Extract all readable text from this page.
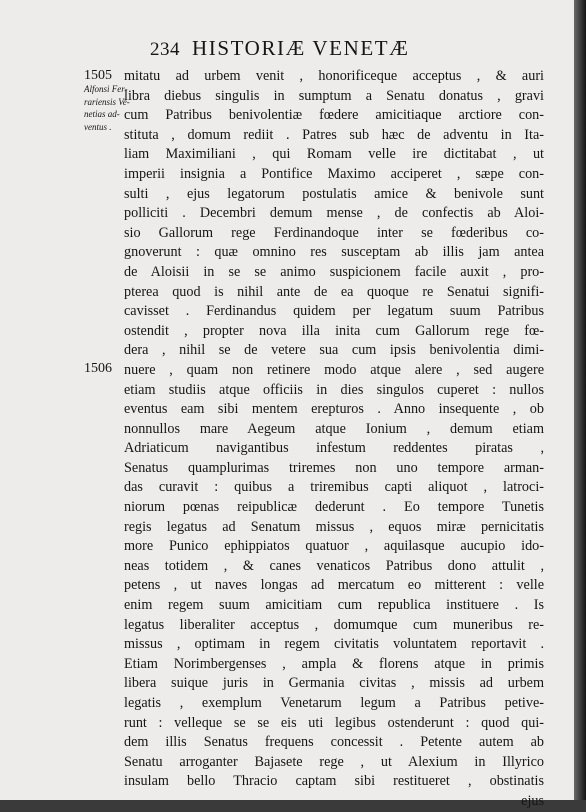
234 HISTORIÆ VENETÆ
1505
Alfonsi Fer-
rariensis Ve-
netias ad-
ventus .
1506
mitatu ad urbem venit , honorificeque acceptus , & auri
libra diebus singulis in sumptum a Senatu donatus , gravi
cum Patribus benivolentiæ fœdere amicitiaque arctiore con-
stituta , domum rediit . Patres sub hæc de adventu in Ita-
liam Maximiliani , qui Romam velle ire dictitabat , ut
imperii insignia a Pontifice Maximo acciperet , sæpe con-
sulti , ejus legatorum postulatis amice & benivole sunt
polliciti . Decembri demum mense , de confectis ab Aloi-
sio Gallorum rege Ferdinandoque inter se fœderibus co-
gnoverunt : quæ omnino res susceptam ab illis jam antea
de Aloisii in se se animo suspicionem facile auxit , pro-
pterea quod is nihil ante de ea quoque re Senatui signifi-
cavisset . Ferdinandus quidem per legatum suum Patribus
ostendit , propter nova illa inita cum Gallorum rege fœ-
dera , nihil se de vetere sua cum ipsis benivolentia dimi-
nuere , quam non retinere modo atque alere , sed augere
etiam studiis atque officiis in dies singulos cuperet : nullos
eventus eam sibi mentem erepturos . Anno insequente , ob
nonnullos mare Aegeum atque Ionium , demum etiam
Adriaticum navigantibus infestum reddentes piratas ,
Senatus quamplurimas triremes non uno tempore arman-
das curavit : quibus a triremibus capti aliquot , latroci-
niorum pœnas reipublicæ dederunt . Eo tempore Tunetis
regis legatus ad Senatum missus , equos miræ pernicitatis
more Punico ephippiatos quatuor , aquilasque aucupio ido-
neas totidem , & canes venaticos Patribus dono attulit ,
petens , ut naves longas ad mercatum eo mitterent : velle
enim regem suum amicitiam cum republica instituere . Is
legatus liberaliter acceptus , domumque cum muneribus re-
missus , optimam in regem civitatis voluntatem reportavit .
Etiam Norimbergenses , ampla & florens atque in primis
libera suique juris in Germania civitas , missis ad urbem
legatis , exemplum Venetarum legum a Patribus petive-
runt : velleque se se eis uti legibus ostenderunt : quod qui-
dem illis Senatus frequens concessit . Petente autem ab
Senatu arroganter Bajasete rege , ut Alexium in Illyrico
insulam bello Thracio captam sibi restitueret , obstinatis
ejus
